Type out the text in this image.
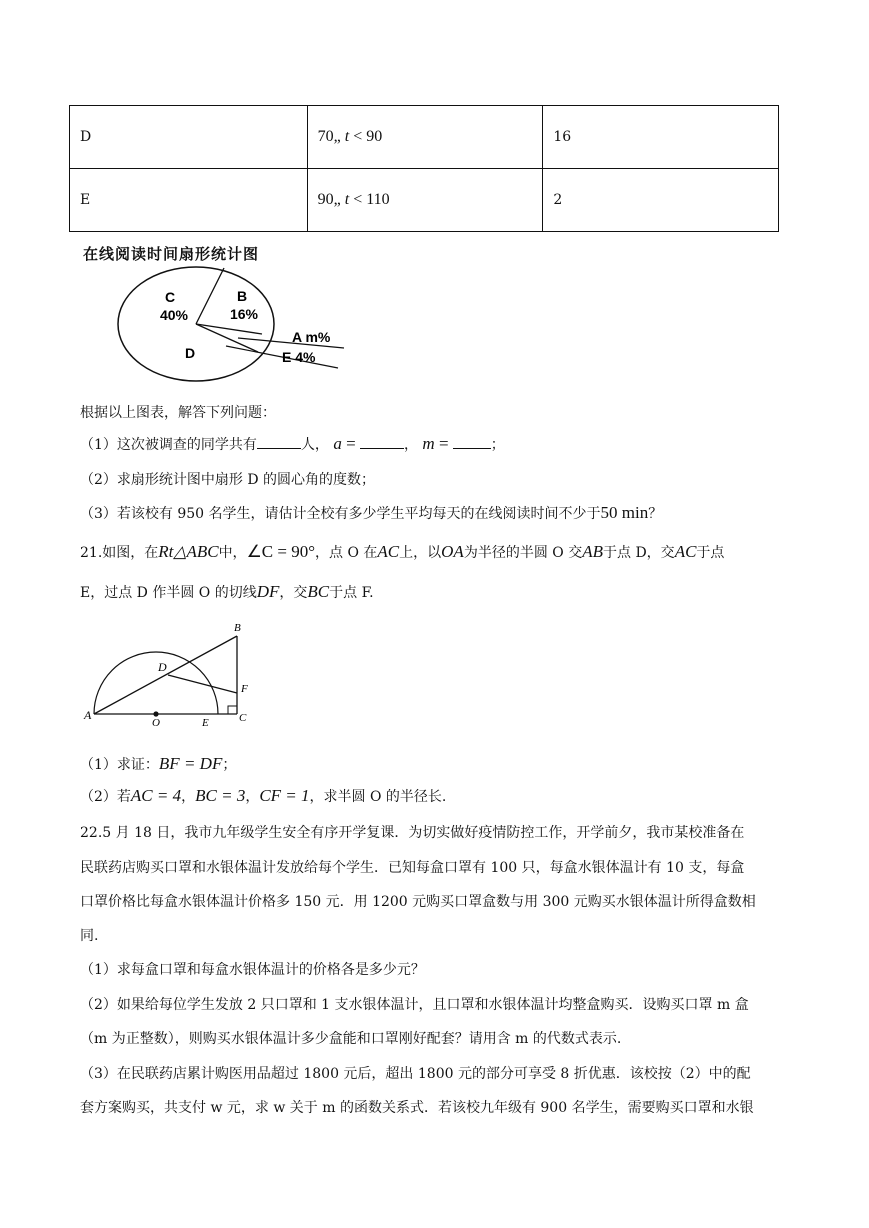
D	70„ t < 90	16
E	90„ t < 110	2
在线阅读时间扇形统计图
C
40%
B
16%
D
A m%
E 4%
根据以上图表，解答下列问题：
（1）这次被调查的同学共有	人， a =	， m =	；
（2）求扇形统计图中扇形 D 的圆心角的度数；
（3）若该校有 950 名学生，请估计全校有多少学生平均每天的在线阅读时间不少于50 min？
21.如图，在Rt△ABC中，∠C = 90°，点 O 在AC上，以OA为半径的半圆 O 交AB于点 D，交AC于点
E，过点 D 作半圆 O 的切线DF，交BC于点 F.
B
D
F
A
O	E	C
（1）求证：BF = DF；
（2）若AC = 4，BC = 3，CF = 1，求半圆 O 的半径长.
22.5 月 18 日，我市九年级学生安全有序开学复课．为切实做好疫情防控工作，开学前夕，我市某校准备在
民联药店购买口罩和水银体温计发放给每个学生．已知每盒口罩有 100 只，每盒水银体温计有 10 支，每盒
口罩价格比每盒水银体温计价格多 150 元．用 1200 元购买口罩盒数与用 300 元购买水银体温计所得盒数相
同.
（1）求每盒口罩和每盒水银体温计的价格各是多少元？
（2）如果给每位学生发放 2 只口罩和 1 支水银体温计，且口罩和水银体温计均整盒购买．设购买口罩 m 盒
（m 为正整数），则购买水银体温计多少盒能和口罩刚好配套？请用含 m 的代数式表示.
（3）在民联药店累计购医用品超过 1800 元后，超出 1800 元的部分可享受 8 折优惠．该校按（2）中的配
套方案购买，共支付 w 元，求 w 关于 m 的函数关系式．若该校九年级有 900 名学生，需要购买口罩和水银
